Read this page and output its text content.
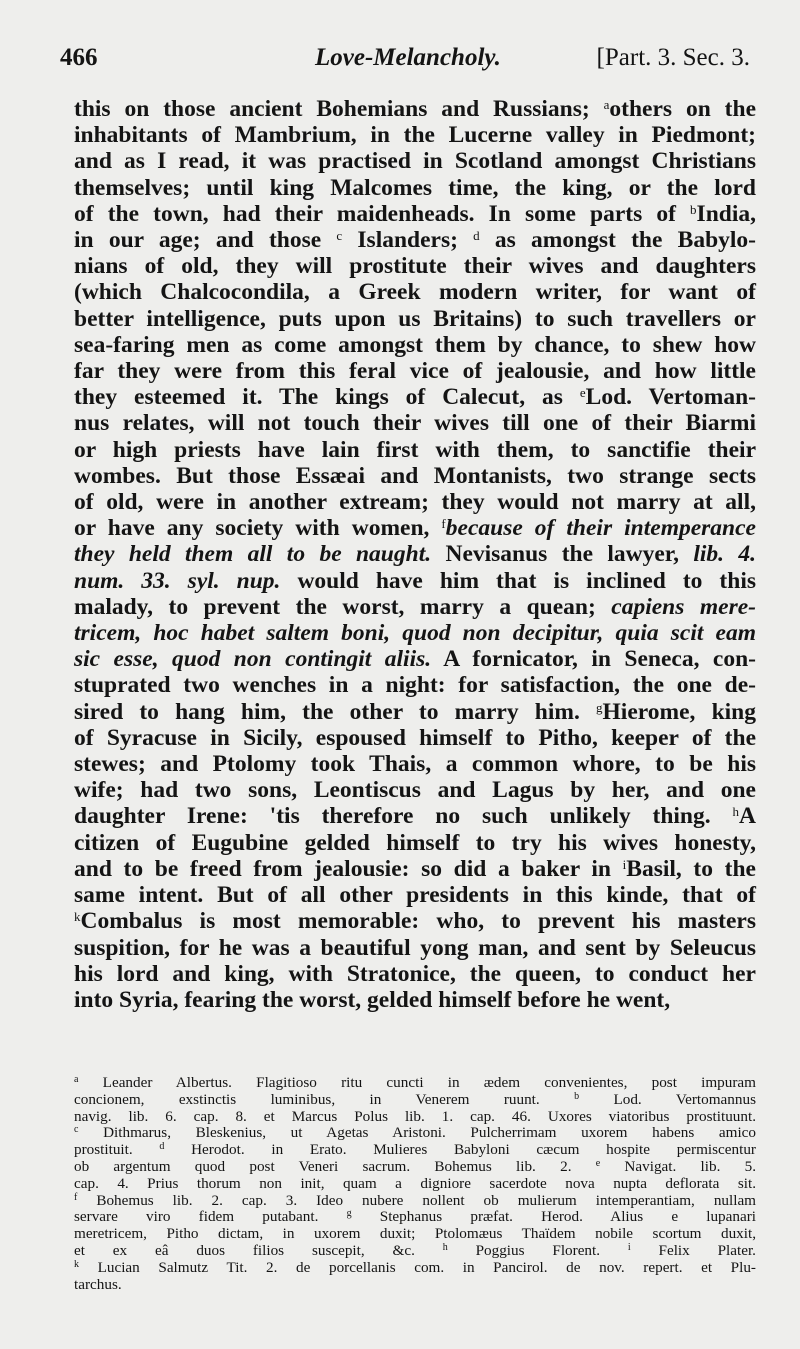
466	Love-Melancholy.	[Part. 3. Sec. 3.
this on those ancient Bohemians and Russians; $^a$others on the
inhabitants of Mambrium, in the Lucerne valley in Piedmont;
and as I read, it was practised in Scotland amongst Christians
themselves; until king Malcomes time, the king, or the lord
of the town, had their maidenheads. In some parts of $^b$India,
in our age; and those $^c$ Islanders; $^d$ as amongst the Babylo-
nians of old, they will prostitute their wives and daughters
(which Chalcocondila, a Greek modern writer, for want of
better intelligence, puts upon us Britains) to such travellers or
sea-faring men as come amongst them by chance, to shew how
far they were from this feral vice of jealousie, and how little
they esteemed it. The kings of Calecut, as $^e$Lod. Vertoman-
nus relates, will not touch their wives till one of their Biarmi
or high priests have lain first with them, to sanctifie their
wombes. But those Essæai and Montanists, two strange sects
of old, were in another extream; they would not marry at all,
or have any society with women, $^f$because of their intemperance
they held them all to be naught. Nevisanus the lawyer, lib. 4.
num. 33. syl. nup. would have him that is inclined to this
malady, to prevent the worst, marry a quean; capiens mere-
tricem, hoc habet saltem boni, quod non decipitur, quia scit eam
sic esse, quod non contingit aliis. A fornicator, in Seneca, con-
stuprated two wenches in a night: for satisfaction, the one de-
sired to hang him, the other to marry him. $^g$Hierome, king
of Syracuse in Sicily, espoused himself to Pitho, keeper of the
stewes; and Ptolomy took Thais, a common whore, to be his
wife; had two sons, Leontiscus and Lagus by her, and one
daughter Irene: 'tis therefore no such unlikely thing. $^h$A
citizen of Eugubine gelded himself to try his wives honesty,
and to be freed from jealousie: so did a baker in $^i$Basil, to the
same intent. But of all other presidents in this kinde, that of
$^k$Combalus is most memorable: who, to prevent his masters
suspition, for he was a beautiful yong man, and sent by Seleucus
his lord and king, with Stratonice, the queen, to conduct her
into Syria, fearing the worst, gelded himself before he went,
$^a$ Leander Albertus. Flagitioso ritu cuncti in ædem convenientes, post impuram
concionem, exstinctis luminibus, in Venerem ruunt. $^b$ Lod. Vertomannus
navig. lib. 6. cap. 8. et Marcus Polus lib. 1. cap. 46. Uxores viatoribus prostituunt.
$^c$ Dithmarus, Bleskenius, ut Agetas Aristoni. Pulcherrimam uxorem habens amico
prostituit. $^d$ Herodot. in Erato. Mulieres Babyloni cæcum hospite permiscentur
ob argentum quod post Veneri sacrum. Bohemus lib. 2. $^e$ Navigat. lib. 5.
cap. 4. Prius thorum non init, quam a digniore sacerdote nova nupta deflorata sit.
$^f$ Bohemus lib. 2. cap. 3. Ideo nubere nollent ob mulierum intemperantiam, nullam
servare viro fidem putabant. $^g$ Stephanus præfat. Herod. Alius e lupanari
meretricem, Pitho dictam, in uxorem duxit; Ptolomæus Thaïdem nobile scortum duxit,
et ex eâ duos filios suscepit, &c. $^h$ Poggius Florent. $^i$ Felix Plater.
$^k$ Lucian Salmutz Tit. 2. de porcellanis com. in Pancirol. de nov. repert. et Plu-
tarchus.
